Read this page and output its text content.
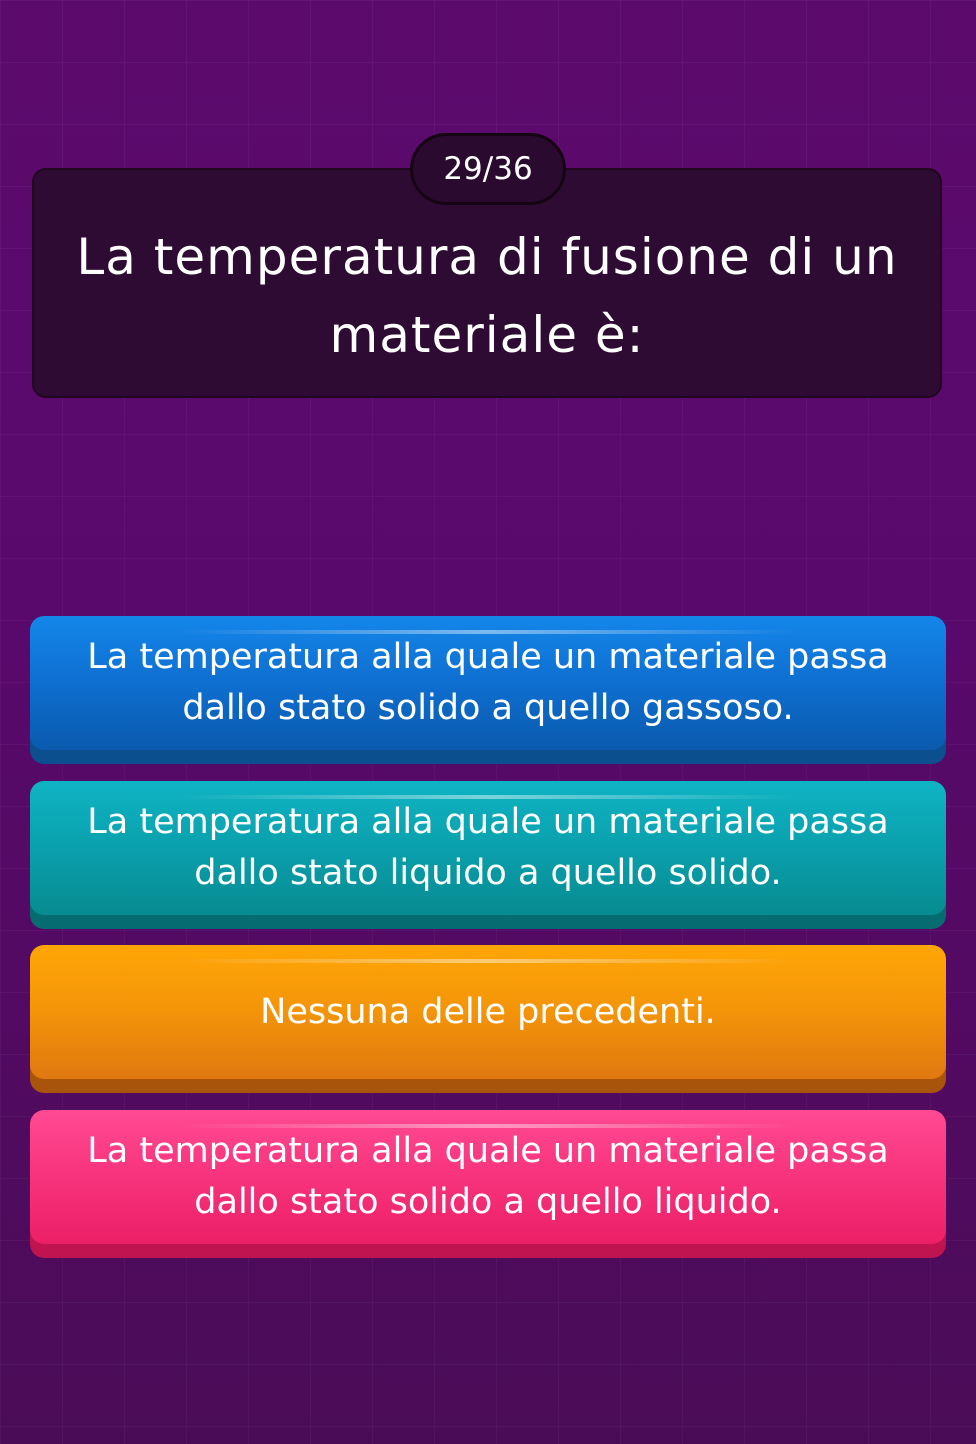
La temperatura di fusione di un materiale è:
29/36
La temperatura alla quale un materiale passa dallo stato solido a quello gassoso.
La temperatura alla quale un materiale passa dallo stato liquido a quello solido.
Nessuna delle precedenti.
La temperatura alla quale un materiale passa dallo stato solido a quello liquido.
